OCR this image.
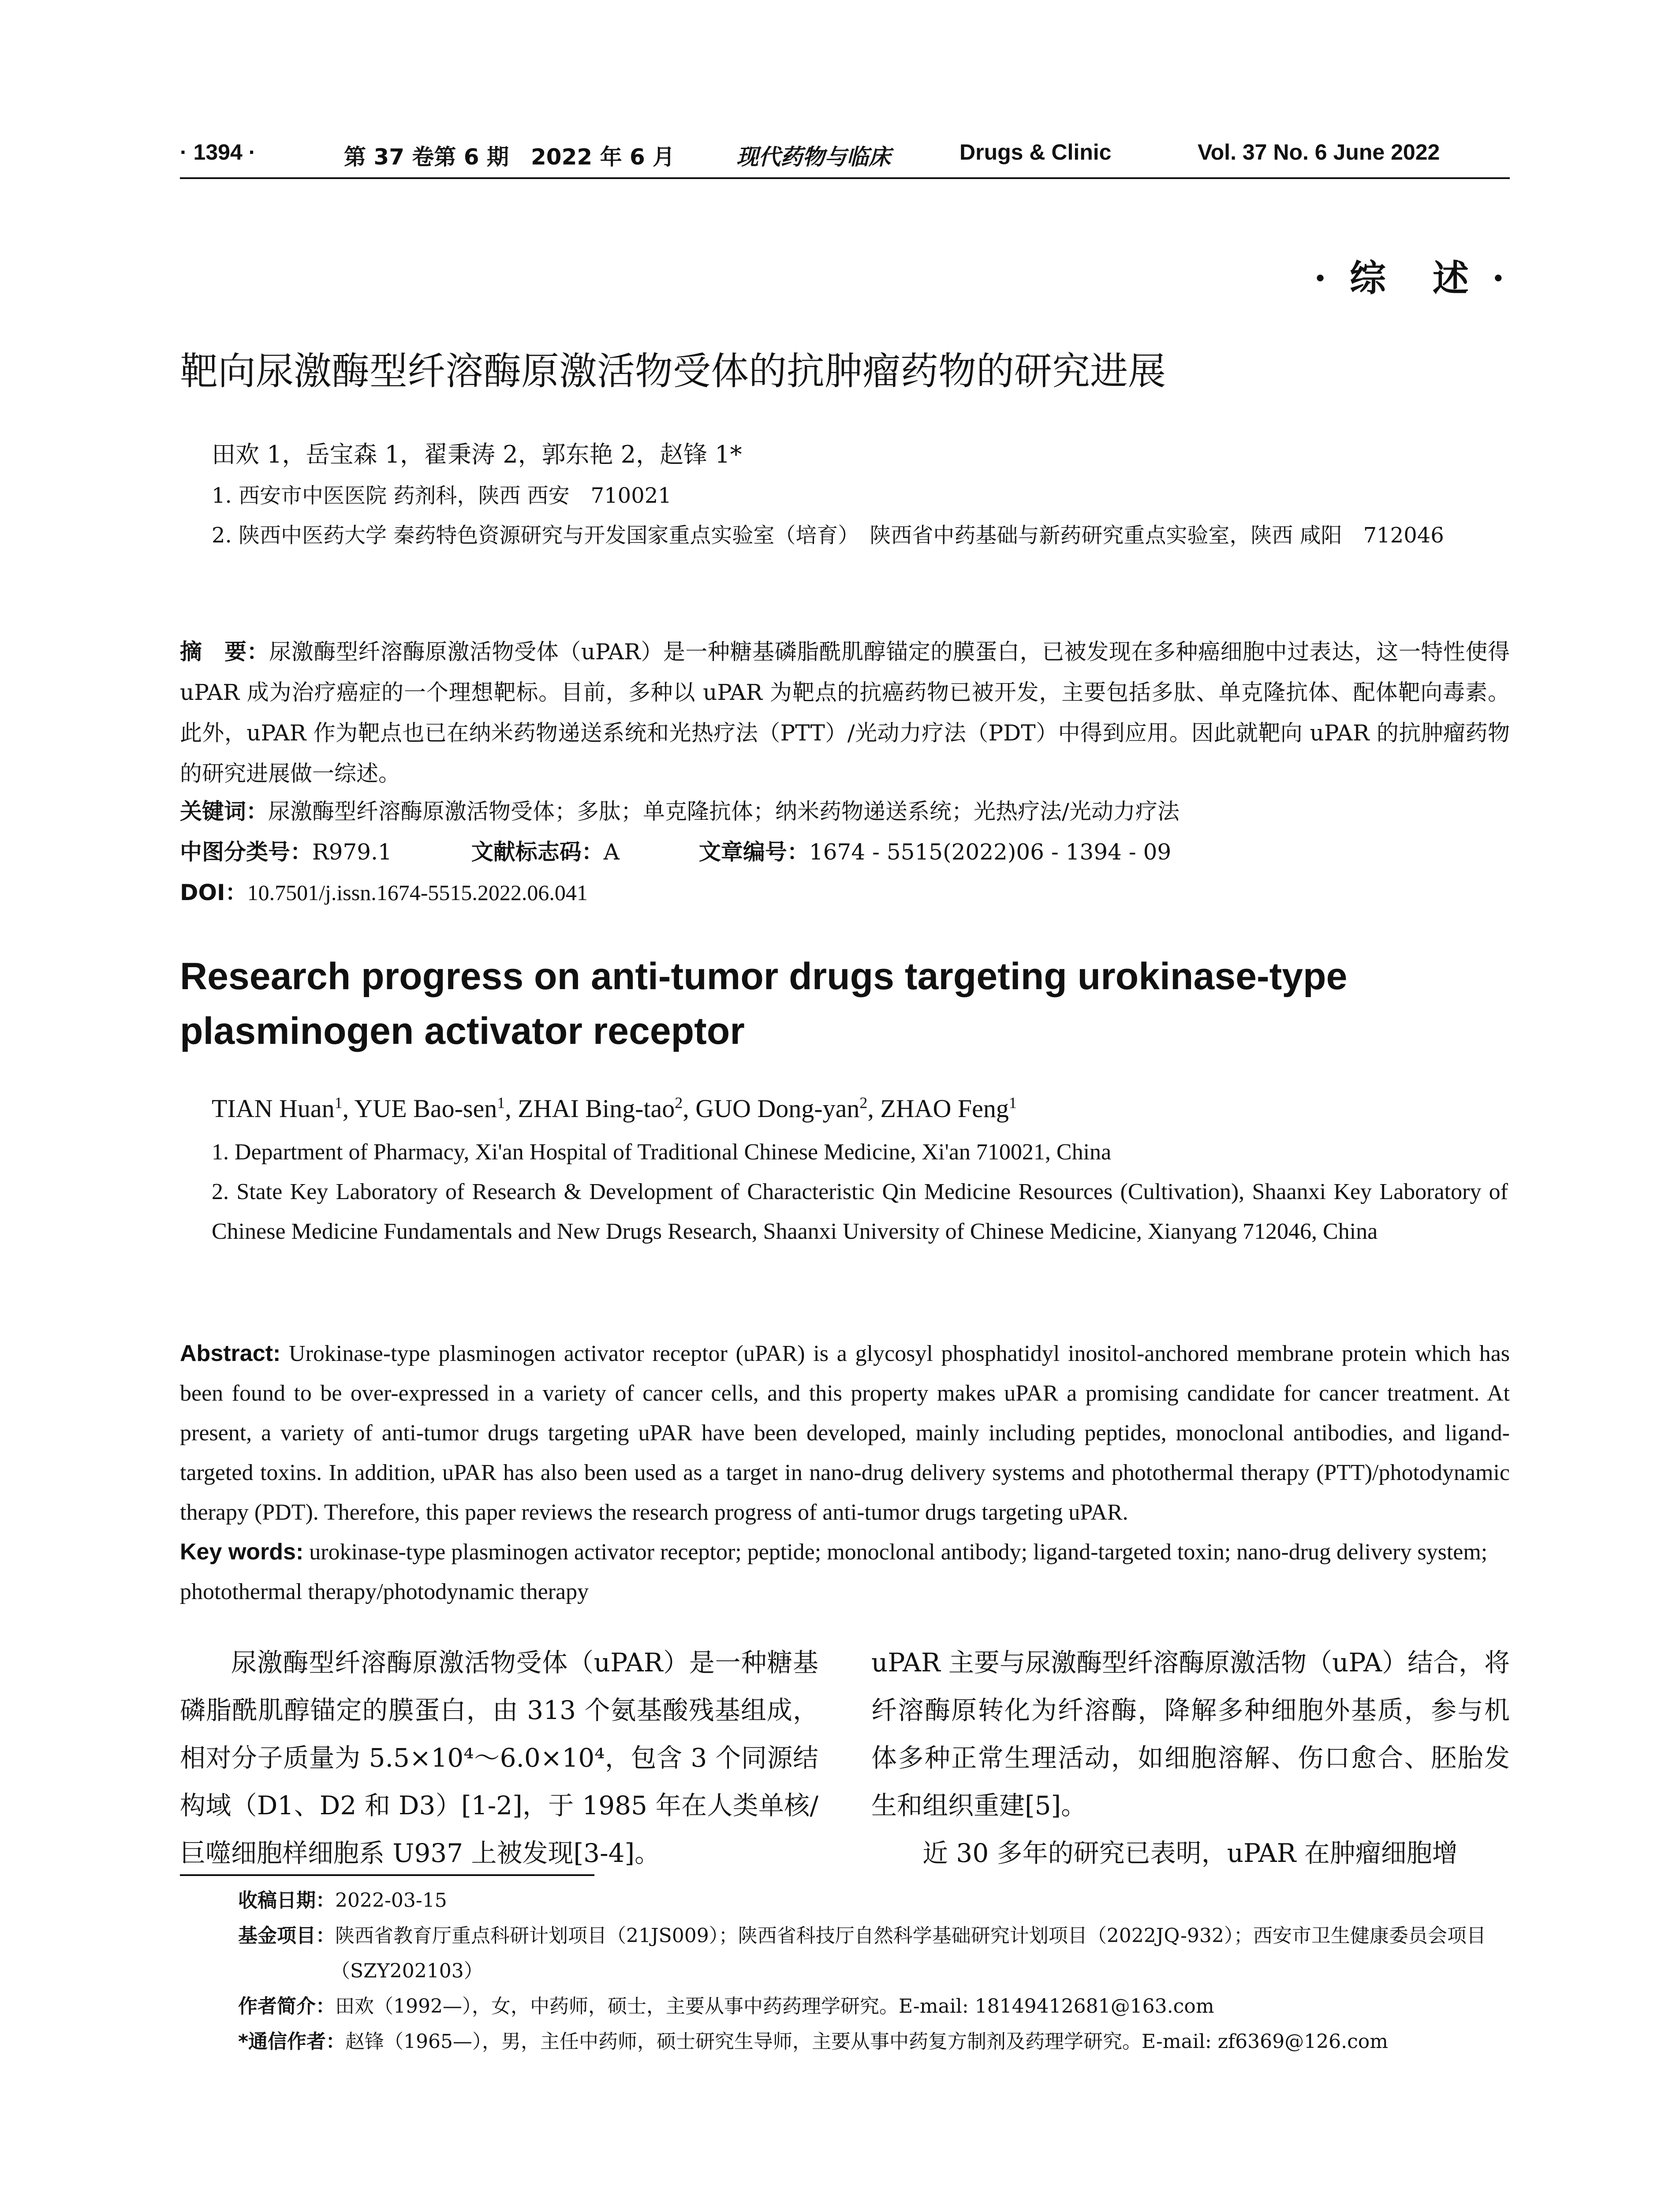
· 1394 ·	第 37 卷第 6 期　2022 年 6 月	现代药物与临床	Drugs & Clinic	Vol. 37 No. 6 June 2022
· 综　述 ·
靶向尿激酶型纤溶酶原激活物受体的抗肿瘤药物的研究进展
田欢 1，岳宝森 1，翟秉涛 2，郭东艳 2，赵锋 1*
1. 西安市中医医院 药剂科，陕西 西安　710021
2. 陕西中医药大学 秦药特色资源研究与开发国家重点实验室（培育）　陕西省中药基础与新药研究重点实验室，陕西 咸阳　712046
摘　要：尿激酶型纤溶酶原激活物受体（uPAR）是一种糖基磷脂酰肌醇锚定的膜蛋白，已被发现在多种癌细胞中过表达，这一特性使得 uPAR 成为治疗癌症的一个理想靶标。目前，多种以 uPAR 为靶点的抗癌药物已被开发，主要包括多肽、单克隆抗体、配体靶向毒素。此外，uPAR 作为靶点也已在纳米药物递送系统和光热疗法（PTT）/光动力疗法（PDT）中得到应用。因此就靶向 uPAR 的抗肿瘤药物的研究进展做一综述。
关键词：尿激酶型纤溶酶原激活物受体；多肽；单克隆抗体；纳米药物递送系统；光热疗法/光动力疗法
中图分类号：R979.1	文献标志码：A	文章编号：1674 - 5515(2022)06 - 1394 - 09
DOI：10.7501/j.issn.1674-5515.2022.06.041
Research progress on anti-tumor drugs targeting urokinase-type plasminogen activator receptor
TIAN Huan$^1$, YUE Bao-sen$^1$, ZHAI Bing-tao$^2$, GUO Dong-yan$^2$, ZHAO Feng$^1$
1. Department of Pharmacy, Xi'an Hospital of Traditional Chinese Medicine, Xi'an 710021, China
2. State Key Laboratory of Research & Development of Characteristic Qin Medicine Resources (Cultivation), Shaanxi Key Laboratory of Chinese Medicine Fundamentals and New Drugs Research, Shaanxi University of Chinese Medicine, Xianyang 712046, China
Abstract: Urokinase-type plasminogen activator receptor (uPAR) is a glycosyl phosphatidyl inositol-anchored membrane protein which has been found to be over-expressed in a variety of cancer cells, and this property makes uPAR a promising candidate for cancer treatment. At present, a variety of anti-tumor drugs targeting uPAR have been developed, mainly including peptides, monoclonal antibodies, and ligand-targeted toxins. In addition, uPAR has also been used as a target in nano-drug delivery systems and photothermal therapy (PTT)/photodynamic therapy (PDT). Therefore, this paper reviews the research progress of anti-tumor drugs targeting uPAR.
Key words: urokinase-type plasminogen activator receptor; peptide; monoclonal antibody; ligand-targeted toxin; nano-drug delivery system; photothermal therapy/photodynamic therapy

尿激酶型纤溶酶原激活物受体（uPAR）是一种糖基磷脂酰肌醇锚定的膜蛋白，由 313 个氨基酸残基组成，相对分子质量为 5.5×10⁴～6.0×10⁴，包含 3 个同源结构域（D1、D2 和 D3）[1-2]，于 1985 年在人类单核/巨噬细胞样细胞系 U937 上被发现[3-4]。

uPAR 主要与尿激酶型纤溶酶原激活物（uPA）结合，将纤溶酶原转化为纤溶酶，降解多种细胞外基质，参与机体多种正常生理活动，如细胞溶解、伤口愈合、胚胎发生和组织重建[5]。

近 30 多年的研究已表明，uPAR 在肿瘤细胞增

收稿日期：2022-03-15
基金项目：陕西省教育厅重点科研计划项目（21JS009）；陕西省科技厅自然科学基础研究计划项目（2022JQ-932）；西安市卫生健康委员会项目（SZY202103）
作者简介：田欢（1992—），女，中药师，硕士，主要从事中药药理学研究。E-mail: 18149412681@163.com
*通信作者：赵锋（1965—），男，主任中药师，硕士研究生导师，主要从事中药复方制剂及药理学研究。E-mail: zf6369@126.com
